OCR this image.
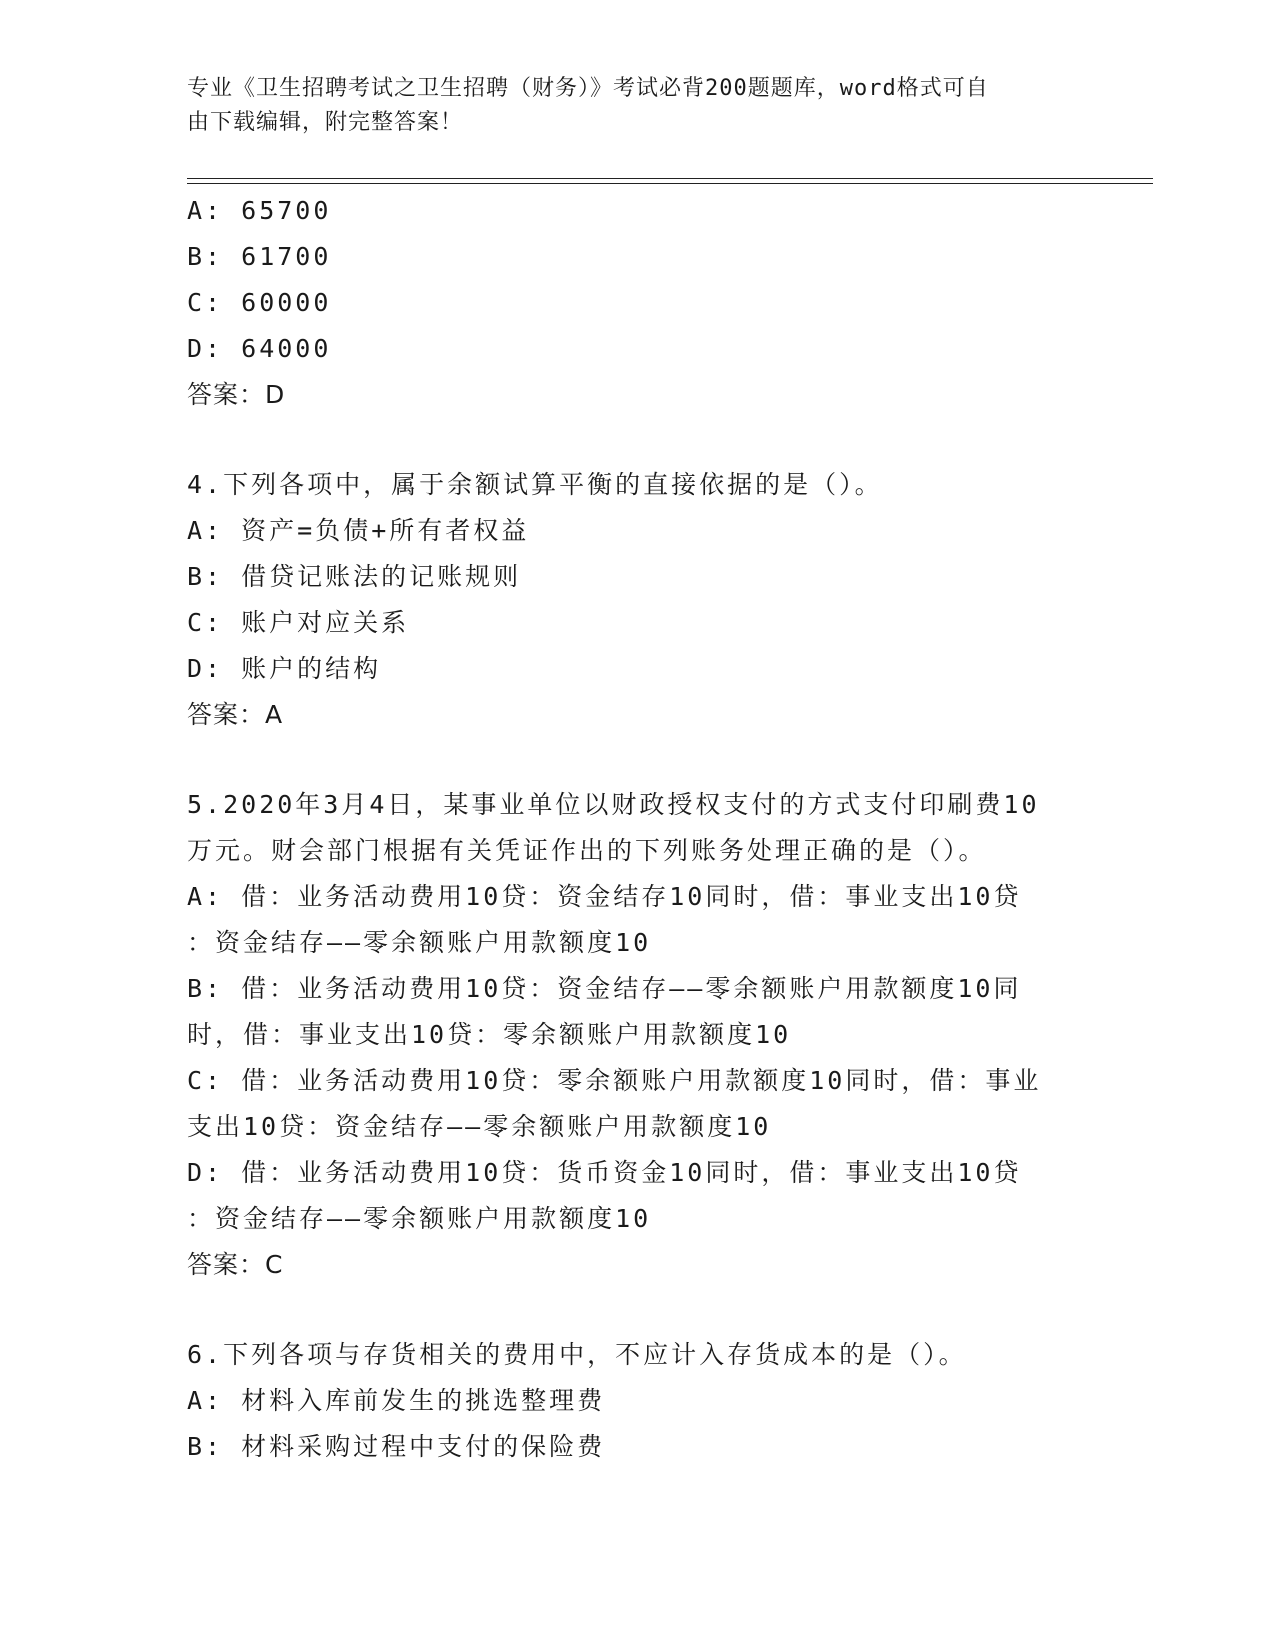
专业《卫生招聘考试之卫生招聘（财务）》考试必背200题题库，word格式可自
由下载编辑，附完整答案！
A: 65700
B: 61700
C: 60000
D: 64000
答案：D
4.下列各项中，属于余额试算平衡的直接依据的是（）。
A: 资产=负债+所有者权益
B: 借贷记账法的记账规则
C: 账户对应关系
D: 账户的结构
答案：A
5.2020年3月4日，某事业单位以财政授权支付的方式支付印刷费10
万元。财会部门根据有关凭证作出的下列账务处理正确的是（）。
A: 借：业务活动费用10贷：资金结存10同时，借：事业支出10贷
：资金结存——零余额账户用款额度10
B: 借：业务活动费用10贷：资金结存——零余额账户用款额度10同
时，借：事业支出10贷：零余额账户用款额度10
C: 借：业务活动费用10贷：零余额账户用款额度10同时，借：事业
支出10贷：资金结存——零余额账户用款额度10
D: 借：业务活动费用10贷：货币资金10同时，借：事业支出10贷
：资金结存——零余额账户用款额度10
答案：C
6.下列各项与存货相关的费用中，不应计入存货成本的是（）。
A: 材料入库前发生的挑选整理费
B: 材料采购过程中支付的保险费
